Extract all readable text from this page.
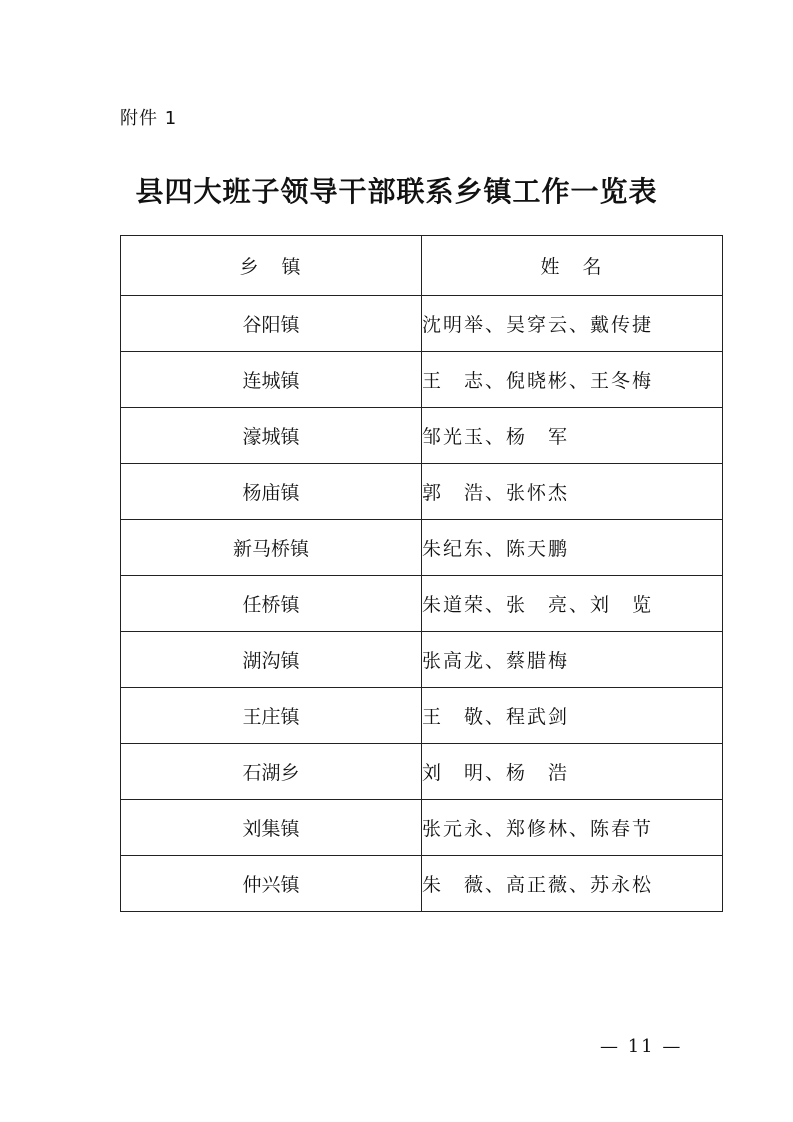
附件 1
县四大班子领导干部联系乡镇工作一览表
乡　镇	姓　名
谷阳镇	沈明举、吴穿云、戴传捷
连城镇	王　志、倪晓彬、王冬梅
濠城镇	邹光玉、杨　军
杨庙镇	郭　浩、张怀杰
新马桥镇	朱纪东、陈天鹏
任桥镇	朱道荣、张　亮、刘　览
湖沟镇	张高龙、蔡腊梅
王庄镇	王　敬、程武剑
石湖乡	刘　明、杨　浩
刘集镇	张元永、郑修林、陈春节
仲兴镇	朱　薇、高正薇、苏永松
— 11 —
